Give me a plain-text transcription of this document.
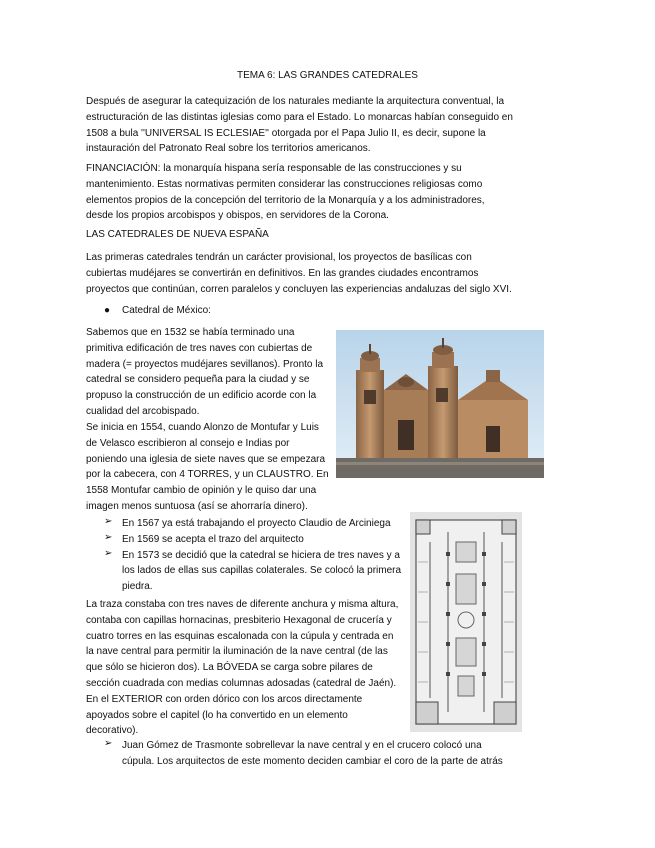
TEMA 6: LAS GRANDES CATEDRALES
Después de asegurar la catequización de los naturales mediante la arquitectura conventual, la
estructuración de las distintas iglesias como para el Estado. Lo monarcas habían conseguido en
1508 a bula ''UNIVERSAL IS ECLESIAE'' otorgada por el Papa Julio II, es decir, supone la
instauración del Patronato Real sobre los territorios americanos.
FINANCIACIÓN: la monarquía hispana sería responsable de las construcciones y su
mantenimiento. Estas normativas permiten considerar las construcciones religiosas como
elementos propios de la concepción del territorio de la Monarquía y a los administradores,
desde los propios arcobispos y obispos, en servidores de la Corona.
LAS CATEDRALES DE NUEVA ESPAÑA
Las primeras catedrales tendrán un carácter provisional, los proyectos de basílicas con
cubiertas mudéjares se convertirán en definitivos. En las grandes ciudades encontramos
proyectos que continúan, corren paralelos y concluyen las experiencias andaluzas del siglo XVI.
● Catedral de México:
Sabemos que en 1532 se había terminado una
primitiva edificación de tres naves con cubiertas de
madera (= proyectos mudéjares sevillanos). Pronto la
catedral se considero pequeña para la ciudad y se
propuso la construcción de un edificio acorde con la
cualidad del arcobispado.
Se inicia en 1554, cuando Alonzo de Montufar y Luis
de Velasco escribieron al consejo e Indias por
poniendo una iglesia de siete naves que se empezara
por la cabecera, con 4 TORRES, y un CLAUSTRO. En
1558 Montufar cambio de opinión y le quiso dar una
imagen menos suntuosa (así se ahorraría dinero).
➢ En 1567 ya está trabajando el proyecto Claudio de Arciniega
➢ En 1569 se acepta el trazo del arquitecto
➢ En 1573 se decidió que la catedral se hiciera de tres naves y a
los lados de ellas sus capillas colaterales. Se colocó la primera
piedra.
La traza constaba con tres naves de diferente anchura y misma altura,
contaba con capillas hornacinas, presbiterio Hexagonal de crucería y
cuatro torres en las esquinas escalonada con la cúpula y centrada en
la nave central para permitir la iluminación de la nave central (de las
que sólo se hicieron dos). La BÓVEDA se carga sobre pilares de
sección cuadrada con medias columnas adosadas (catedral de Jaén).
En el EXTERIOR con orden dórico con los arcos directamente
apoyados sobre el capitel (lo ha convertido en un elemento
decorativo).
➢ Juan Gómez de Trasmonte sobrellevar la nave central y en el crucero colocó una
cúpula. Los arquitectos de este momento deciden cambiar el coro de la parte de atrás
